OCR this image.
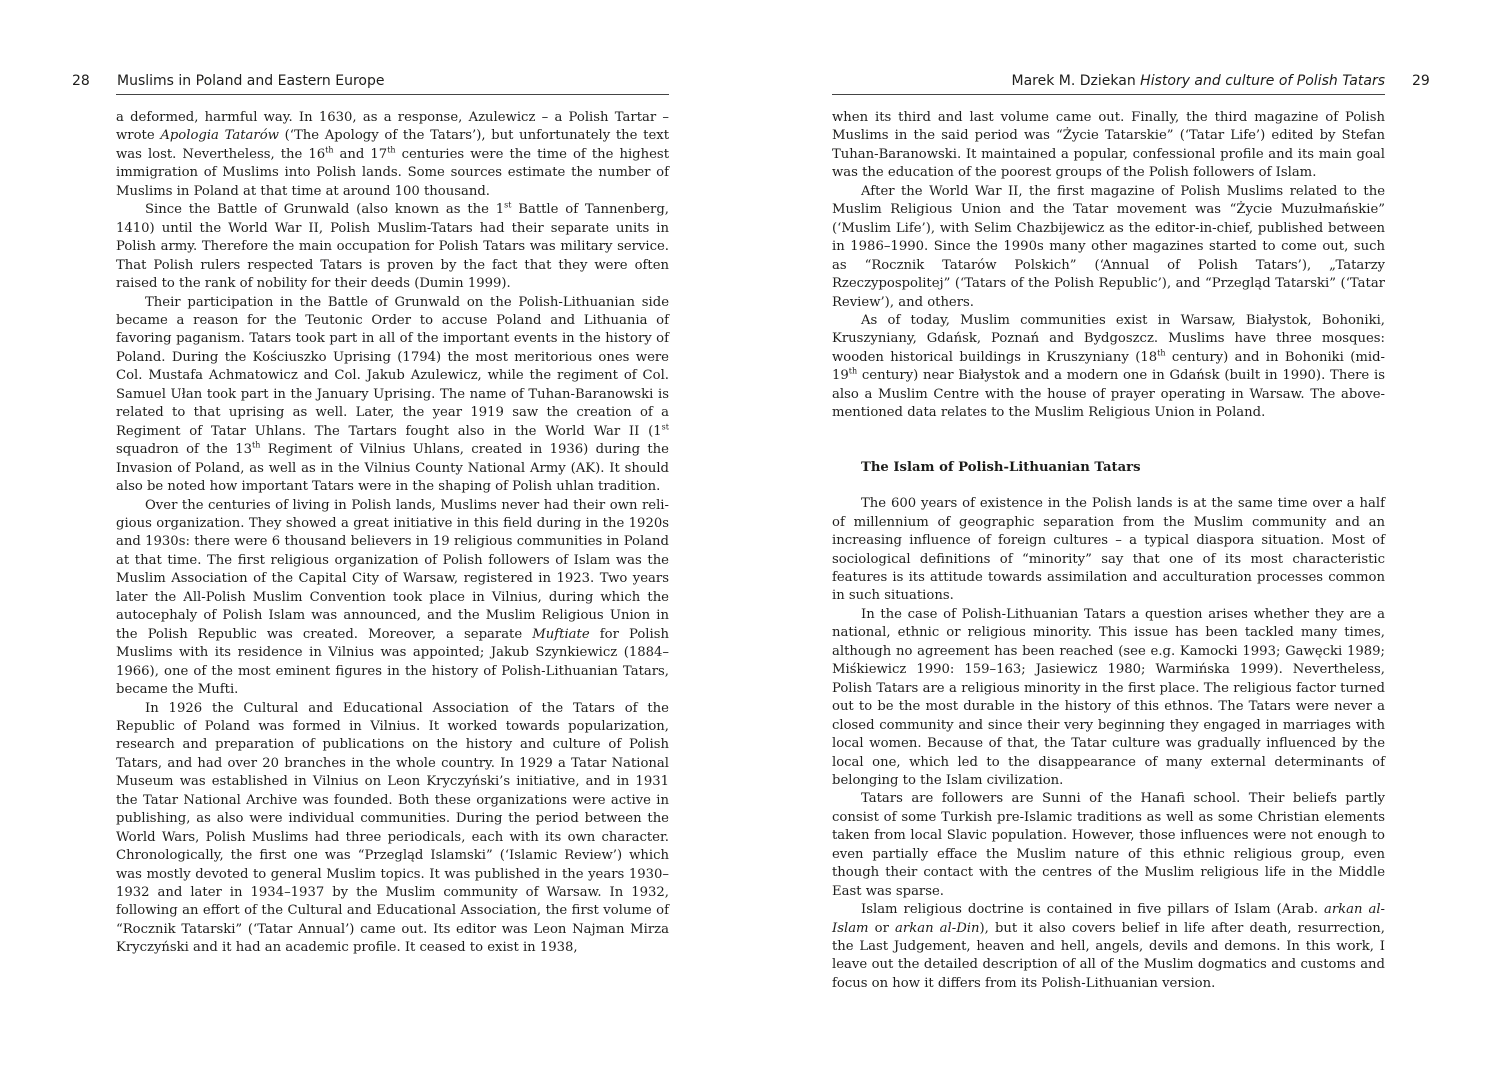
28 Muslims in Poland and Eastern Europe

a deformed, harmful way. In 1630, as a response, Azulewicz – a Polish Tartar – wrote Apologia Tatarów (‘The Apology of the Tatars’), but unfortunately the text was lost. Nevertheless, the 16th and 17th centuries were the time of the highest immigration of Muslims into Polish lands. Some sources estimate the number of Muslims in Poland at that time at around 100 thousand.

Since the Battle of Grunwald (also known as the 1st Battle of Tannenberg, 1410) until the World War II, Polish Muslim-Tatars had their separate units in Polish army. Therefore the main occupation for Polish Tatars was military service. That Polish rulers respected Tatars is proven by the fact that they were often raised to the rank of nobility for their deeds (Dumin 1999).

Their participation in the Battle of Grunwald on the Polish-Lithuanian side became a reason for the Teutonic Order to accuse Poland and Lithuania of favoring paganism. Tatars took part in all of the important events in the history of Poland. During the Kościuszko Uprising (1794) the most meritorious ones were Col. Mustafa Achmatowicz and Col. Jakub Azulewicz, while the regiment of Col. Samuel Ułan took part in the January Uprising. The name of Tuhan-Baranowski is related to that uprising as well. Later, the year 1919 saw the creation of a Regiment of Tatar Uhlans. The Tartars fought also in the World War II (1st squadron of the 13th Regiment of Vilnius Uhlans, created in 1936) during the Invasion of Poland, as well as in the Vilnius County National Army (AK). It should also be noted how important Tatars were in the shaping of Polish uhlan tradition.

Over the centuries of living in Polish lands, Muslims never had their own religious organization. They showed a great initiative in this field during in the 1920s and 1930s: there were 6 thousand believers in 19 religious communities in Poland at that time. The first religious organization of Polish followers of Islam was the Muslim Association of the Capital City of Warsaw, registered in 1923. Two years later the All-Polish Muslim Convention took place in Vilnius, during which the autocephaly of Polish Islam was announced, and the Muslim Religious Union in the Polish Republic was created. Moreover, a separate Muftiate for Polish Muslims with its residence in Vilnius was appointed; Jakub Szynkiewicz (1884–1966), one of the most eminent figures in the history of Polish-Lithuanian Tatars, became the Mufti.

In 1926 the Cultural and Educational Association of the Tatars of the Republic of Poland was formed in Vilnius. It worked towards popularization, research and preparation of publications on the history and culture of Polish Tatars, and had over 20 branches in the whole country. In 1929 a Tatar National Museum was established in Vilnius on Leon Kryczyński’s initiative, and in 1931 the Tatar National Archive was founded. Both these organizations were active in publishing, as also were individual communities. During the period between the World Wars, Polish Muslims had three periodicals, each with its own character. Chronologically, the first one was “Przegląd Islamski” (‘Islamic Review’) which was mostly devoted to general Muslim topics. It was published in the years 1930–1932 and later in 1934–1937 by the Muslim community of Warsaw. In 1932, following an effort of the Cultural and Educational Association, the first volume of “Rocznik Tatarski” (‘Tatar Annual’) came out. Its editor was Leon Najman Mirza Kryczyński and it had an academic profile. It ceased to exist in 1938,

Marek M. Dziekan History and culture of Polish Tatars 29

when its third and last volume came out. Finally, the third magazine of Polish Muslims in the said period was “Życie Tatarskie” (‘Tatar Life’) edited by Stefan Tuhan-Baranowski. It maintained a popular, confessional profile and its main goal was the education of the poorest groups of the Polish followers of Islam.

After the World War II, the first magazine of Polish Muslims related to the Muslim Religious Union and the Tatar movement was “Życie Muzułmańskie” (‘Muslim Life’), with Selim Chazbijewicz as the editor-in-chief, published between in 1986–1990. Since the 1990s many other magazines started to come out, such as “Rocznik Tatarów Polskich” (‘Annual of Polish Tatars’), „Tatarzy Rzeczypospolitej” (‘Tatars of the Polish Republic’), and “Przegląd Tatarski” (‘Tatar Review’), and others.

As of today, Muslim communities exist in Warsaw, Białystok, Bohoniki, Kruszyniany, Gdańsk, Poznań and Bydgoszcz. Muslims have three mosques: wooden historical buildings in Kruszyniany (18th century) and in Bohoniki (mid-19th century) near Białystok and a modern one in Gdańsk (built in 1990). There is also a Muslim Centre with the house of prayer operating in Warsaw. The above-mentioned data relates to the Muslim Religious Union in Poland.

The Islam of Polish-Lithuanian Tatars

The 600 years of existence in the Polish lands is at the same time over a half of millennium of geographic separation from the Muslim community and an increasing influence of foreign cultures – a typical diaspora situation. Most of sociological definitions of “minority” say that one of its most characteristic features is its attitude towards assimilation and acculturation processes common in such situations.

In the case of Polish-Lithuanian Tatars a question arises whether they are a national, ethnic or religious minority. This issue has been tackled many times, although no agreement has been reached (see e.g. Kamocki 1993; Gawęcki 1989; Miśkiewicz 1990: 159–163; Jasiewicz 1980; Warmińska 1999). Nevertheless, Polish Tatars are a religious minority in the first place. The religious factor turned out to be the most durable in the history of this ethnos. The Tatars were never a closed community and since their very beginning they engaged in marriages with local women. Because of that, the Tatar culture was gradually influenced by the local one, which led to the disappearance of many external determinants of belonging to the Islam civilization.

Tatars are followers are Sunni of the Hanafi school. Their beliefs partly consist of some Turkish pre-Islamic traditions as well as some Christian elements taken from local Slavic population. However, those influences were not enough to even partially efface the Muslim nature of this ethnic religious group, even though their contact with the centres of the Muslim religious life in the Middle East was sparse.

Islam religious doctrine is contained in five pillars of Islam (Arab. arkan al-Islam or arkan al-Din), but it also covers belief in life after death, resurrection, the Last Judgement, heaven and hell, angels, devils and demons. In this work, I leave out the detailed description of all of the Muslim dogmatics and customs and focus on how it differs from its Polish-Lithuanian version.
